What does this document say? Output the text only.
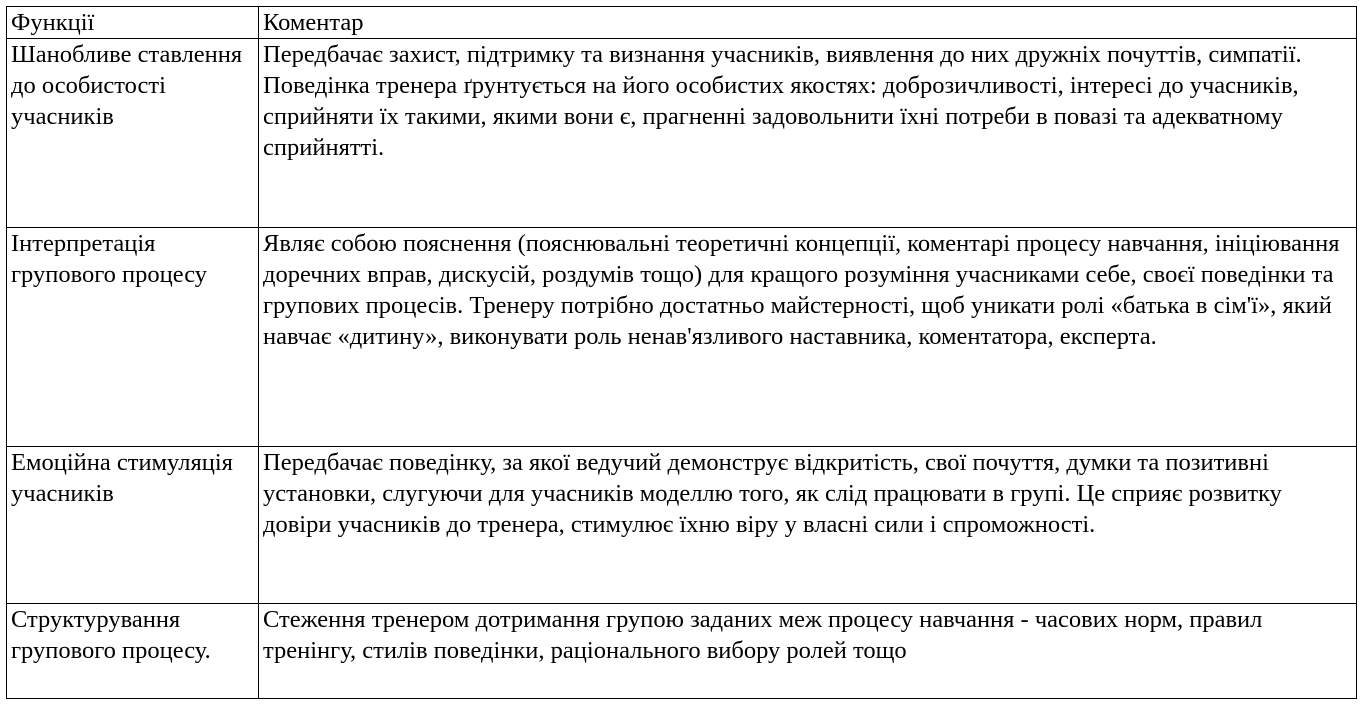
Функції	Коментар
Шанобливе ставлення до особистості учасників	Передбачає захист, підтримку та визнання учасників, виявлення до них дружніх почуттів, симпатії. Поведінка тренера ґрунтується на його особистих якостях: доброзичливості, інтересі до учасників, сприйняти їх такими, якими вони є, прагненні задовольнити їхні потреби в повазі та адекватному сприйнятті.
Інтерпретація групового процесу	Являє собою пояснення (пояснювальні теоретичні концепції, коментарі процесу навчання, ініціювання доречних вправ, дискусій, роздумів тощо) для кращого розуміння учасниками себе, своєї поведінки та групових процесів. Тренеру потрібно достатньо майстерності, щоб уникати ролі «батька в сім'ї», який навчає «дитину», виконувати роль ненав'язливого наставника, коментатора, експерта.
Емоційна стимуляція учасників	Передбачає поведінку, за якої ведучий демонструє відкритість, свої почуття, думки та позитивні установки, слугуючи для учасників моделлю того, як слід працювати в групі. Це сприяє розвитку довіри учасників до тренера, стимулює їхню віру у власні сили і спроможності.
Структурування групового процесу.	Стеження тренером дотримання групою заданих меж процесу навчання - часових норм, правил тренінгу, стилів поведінки, раціонального вибору ролей тощо
